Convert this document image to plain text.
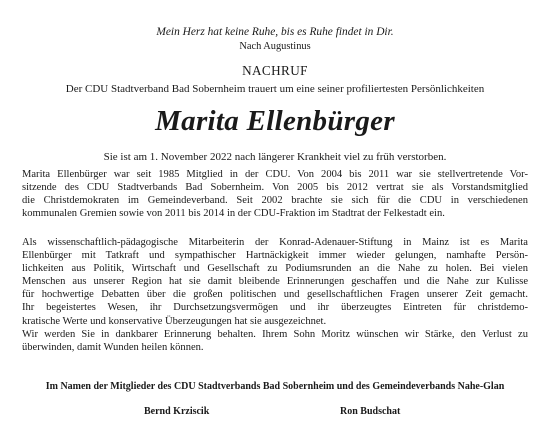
Mein Herz hat keine Ruhe, bis es Ruhe findet in Dir.
Nach Augustinus
NACHRUF
Der CDU Stadtverband Bad Sobernheim trauert um eine seiner profiliertesten Persönlichkeiten
Marita Ellenbürger
Sie ist am 1. November 2022 nach längerer Krankheit viel zu früh verstorben.
Marita Ellenbürger war seit 1985 Mitglied in der CDU. Von 2004 bis 2011 war sie stellvertretende Vor-
sitzende des CDU Stadtverbands Bad Sobernheim. Von 2005 bis 2012 vertrat sie als Vorstandsmitglied
die Christdemokraten im Gemeindeverband. Seit 2002 brachte sie sich für die CDU in verschiedenen
kommunalen Gremien sowie von 2011 bis 2014 in der CDU-Fraktion im Stadtrat der Felkestadt ein.
Als wissenschaftlich-pädagogische Mitarbeiterin der Konrad-Adenauer-Stiftung in Mainz ist es Marita
Ellenbürger mit Tatkraft und sympathischer Hartnäckigkeit immer wieder gelungen, namhafte Persön-
lichkeiten aus Politik, Wirtschaft und Gesellschaft zu Podiumsrunden an die Nahe zu holen. Bei vielen
Menschen aus unserer Region hat sie damit bleibende Erinnerungen geschaffen und die Nahe zur Kulisse
für hochwertige Debatten über die großen politischen und gesellschaftlichen Fragen unserer Zeit gemacht.
Ihr begeistertes Wesen, ihr Durchsetzungsvermögen und ihr überzeugtes Eintreten für christdemo-
kratische Werte und konservative Überzeugungen hat sie ausgezeichnet.
Wir werden Sie in dankbarer Erinnerung behalten. Ihrem Sohn Moritz wünschen wir Stärke, den Verlust zu
überwinden, damit Wunden heilen können.
Im Namen der Mitglieder des CDU Stadtverbands Bad Sobernheim und des Gemeindeverbands Nahe-Glan
Bernd Krziscik	Ron Budschat
